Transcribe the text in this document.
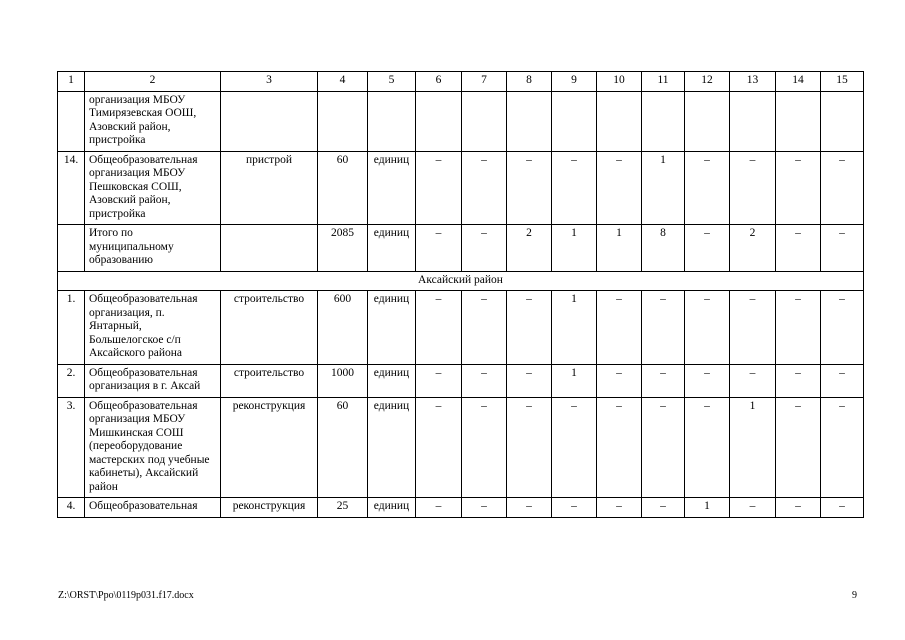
1	2	3	4	5	6	7	8	9	10	11	12	13	14	15
	организация МБОУ Тимирязевская ООШ, Азовский район, пристройка													
14.	Общеобразовательная организация МБОУ Пешковская СОШ, Азовский район, пристройка	пристрой	60	единиц	–	–	–	–	–	1	–	–	–	–
	Итого по муниципальному образованию		2085	единиц	–	–	2	1	1	8	–	2	–	–
Аксайский район														
1.	Общеобразовательная организация, п. Янтарный, Большелогское с/п Аксайского района	строительство	600	единиц	–	–	–	1	–	–	–	–	–	–
2.	Общеобразовательная организация в г. Аксай	строительство	1000	единиц	–	–	–	1	–	–	–	–	–	–
3.	Общеобразовательная организация МБОУ Мишкинская СОШ (переоборудование мастерских под учебные кабинеты), Аксайский район	реконструкция	60	единиц	–	–	–	–	–	–	–	1	–	–
4.	Общеобразовательная	реконструкция	25	единиц	–	–	–	–	–	–	1	–	–	–
Z:\ORST\Ppo\0119p031.f17.docx	9
